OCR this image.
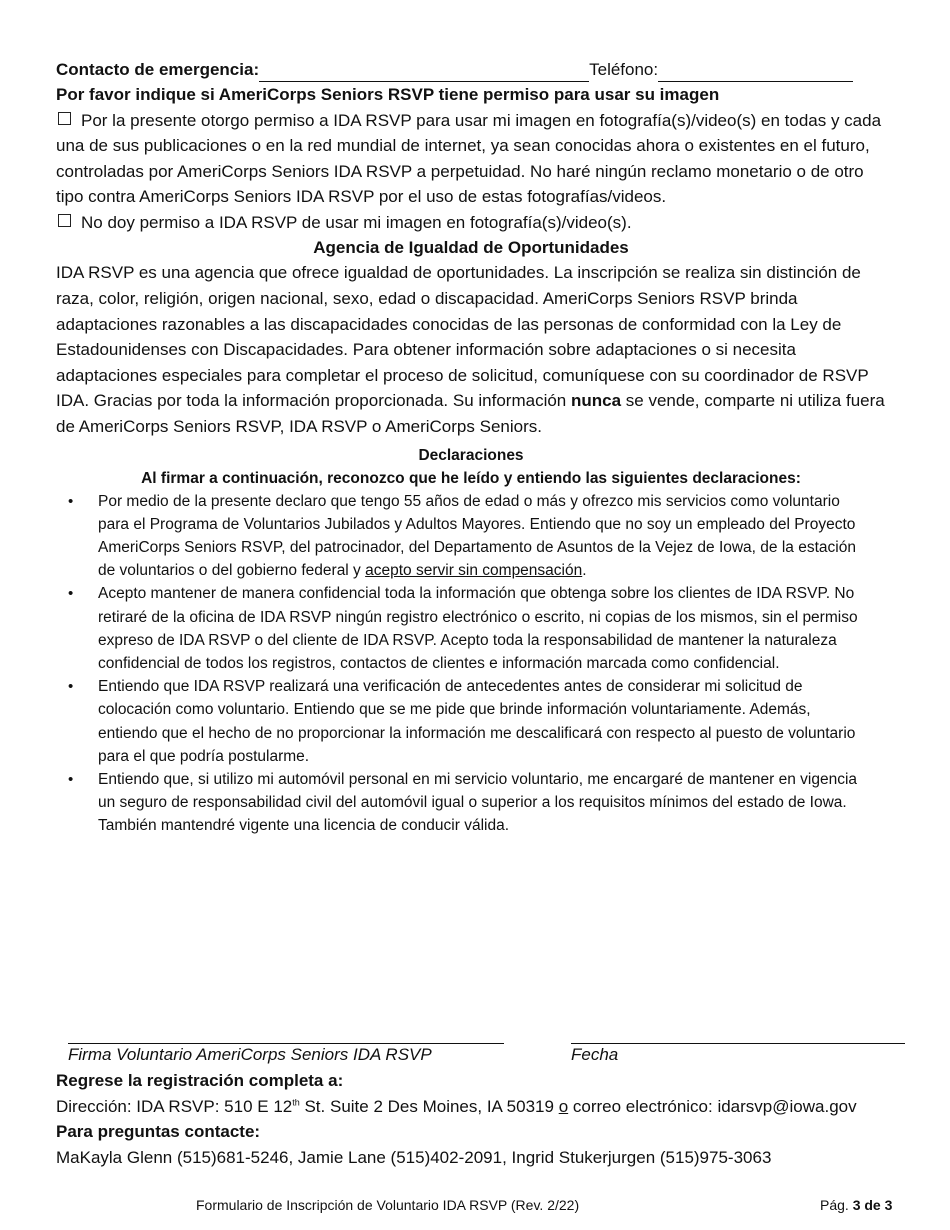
Contacto de emergencia:	Teléfono:
Por favor indique si AmeriCorps Seniors RSVP tiene permiso para usar su imagen

Por la presente otorgo permiso a IDA RSVP para usar mi imagen en fotografía(s)/video(s) en todas y cada una de sus publicaciones o en la red mundial de internet, ya sean conocidas ahora o existentes en el futuro, controladas por AmeriCorps Seniors IDA RSVP a perpetuidad. No haré ningún reclamo monetario o de otro tipo contra AmeriCorps Seniors IDA RSVP por el uso de estas fotografías/videos.

No doy permiso a IDA RSVP de usar mi imagen en fotografía(s)/video(s).

Agencia de Igualdad de Oportunidades

IDA RSVP es una agencia que ofrece igualdad de oportunidades. La inscripción se realiza sin distinción de raza, color, religión, origen nacional, sexo, edad o discapacidad. AmeriCorps Seniors RSVP brinda adaptaciones razonables a las discapacidades conocidas de las personas de conformidad con la Ley de Estadounidenses con Discapacidades. Para obtener información sobre adaptaciones o si necesita adaptaciones especiales para completar el proceso de solicitud, comuníquese con su coordinador de RSVP IDA. Gracias por toda la información proporcionada. Su información nunca se vende, comparte ni utiliza fuera de AmeriCorps Seniors RSVP, IDA RSVP o AmeriCorps Seniors.

Declaraciones
Al firmar a continuación, reconozco que he leído y entiendo las siguientes declaraciones:
• Por medio de la presente declaro que tengo 55 años de edad o más y ofrezco mis servicios como voluntario para el Programa de Voluntarios Jubilados y Adultos Mayores. Entiendo que no soy un empleado del Proyecto AmeriCorps Seniors RSVP, del patrocinador, del Departamento de Asuntos de la Vejez de Iowa, de la estación de voluntarios o del gobierno federal y acepto servir sin compensación.
• Acepto mantener de manera confidencial toda la información que obtenga sobre los clientes de IDA RSVP. No retiraré de la oficina de IDA RSVP ningún registro electrónico o escrito, ni copias de los mismos, sin el permiso expreso de IDA RSVP o del cliente de IDA RSVP. Acepto toda la responsabilidad de mantener la naturaleza confidencial de todos los registros, contactos de clientes e información marcada como confidencial.
• Entiendo que IDA RSVP realizará una verificación de antecedentes antes de considerar mi solicitud de colocación como voluntario. Entiendo que se me pide que brinde información voluntariamente. Además, entiendo que el hecho de no proporcionar la información me descalificará con respecto al puesto de voluntario para el que podría postularme.
• Entiendo que, si utilizo mi automóvil personal en mi servicio voluntario, me encargaré de mantener en vigencia un seguro de responsabilidad civil del automóvil igual o superior a los requisitos mínimos del estado de Iowa. También mantendré vigente una licencia de conducir válida.
Firma Voluntario AmeriCorps Seniors IDA RSVP	Fecha
Regrese la registración completa a:
Dirección: IDA RSVP: 510 E 12th St. Suite 2 Des Moines, IA 50319 o correo electrónico: idarsvp@iowa.gov
Para preguntas contacte:
MaKayla Glenn (515)681-5246, Jamie Lane (515)402-2091, Ingrid Stukerjurgen (515)975-3063
Formulario de Inscripción de Voluntario IDA RSVP (Rev. 2/22)	Pág. 3 de 3
